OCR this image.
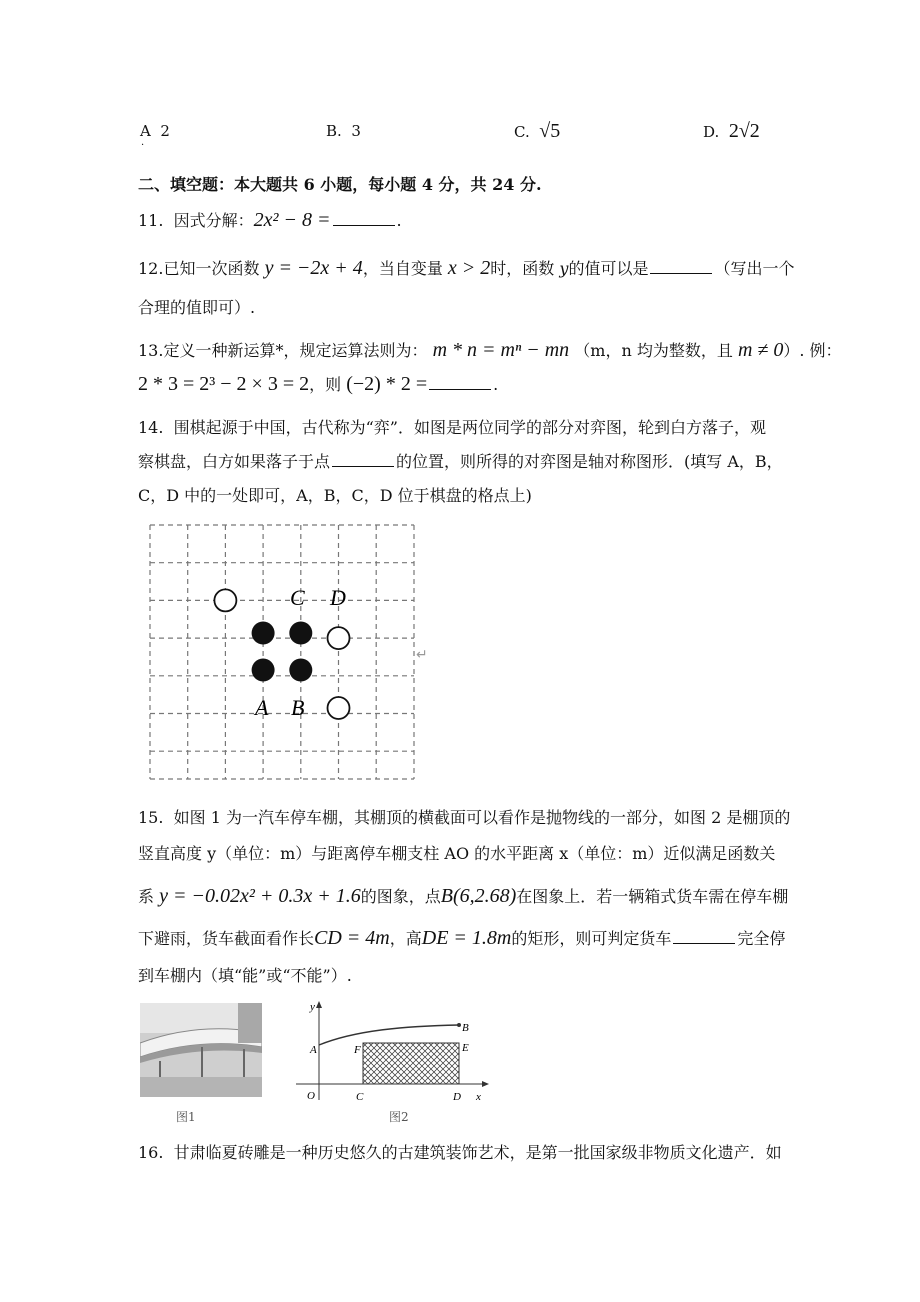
A 2
·
B. 3	C. √5	D. 2√2
二、填空题：本大题共 6 小题，每小题 4 分，共 24 分.
11. 因式分解：2x² − 8 =	.
12.已知一次函数 y = −2x + 4，当自变量 x > 2时，函数 y的值可以是	（写出一个
合理的值即可）.
13.定义一种新运算*，规定运算法则为： m * n = mⁿ − mn （m，n 均为整数，且 m ≠ 0）. 例：
2 * 3 = 2³ − 2 × 3 = 2，则 (−2) * 2 =	.
14. 围棋起源于中国，古代称为“弈”．如图是两位同学的部分对弈图，轮到白方落子，观
察棋盘，白方如果落子于点	的位置，则所得的对弈图是轴对称图形．(填写 A，B，
C，D 中的一处即可，A，B，C，D 位于棋盘的格点上)
C D
A B
↵
15. 如图 1 为一汽车停车棚，其棚顶的横截面可以看作是抛物线的一部分，如图 2 是棚顶的
竖直高度 y（单位：m）与距离停车棚支柱 AO 的水平距离 x（单位：m）近似满足函数关
系 y = −0.02x² + 0.3x + 1.6的图象，点B(6,2.68)在图象上．若一辆箱式货车需在停车棚
下避雨，货车截面看作长CD = 4m，高DE = 1.8m的矩形，则可判定货车	完全停
到车棚内（填“能”或“不能”）.
图1
y
x
O
A
B
F	E
C	D
图2
16. 甘肃临夏砖雕是一种历史悠久的古建筑装饰艺术，是第一批国家级非物质文化遗产．如
